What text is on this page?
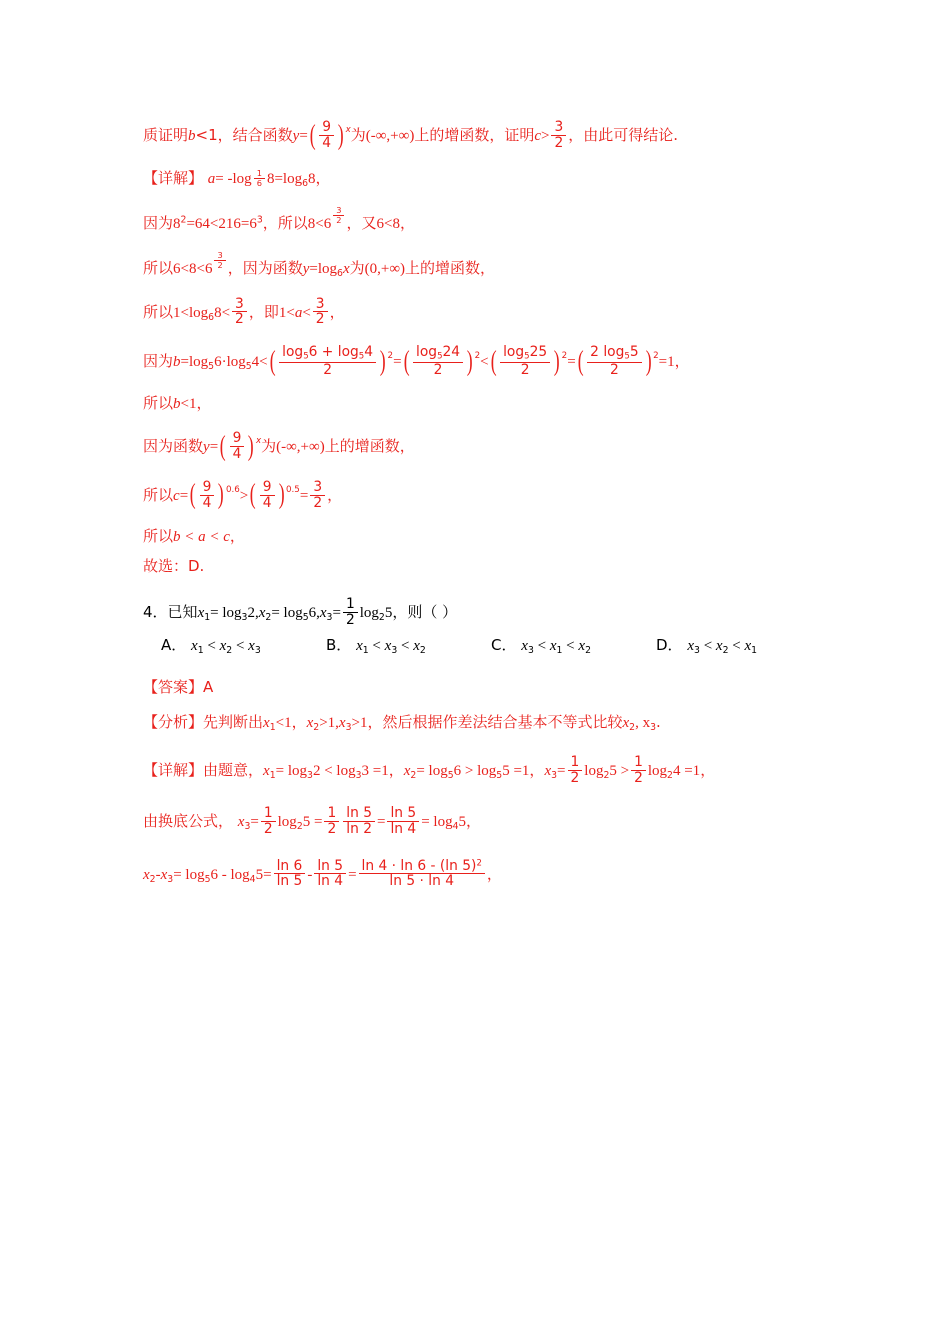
质证明b<1，结合函数$y=( \frac{9}{4}$ ) $^x$为(-∞,+∞)上的增函数，证明$c> \frac{3}{2}$ ，由此可得结论.
【详解】 $a= -\log \frac{1}{6} 8=\log_68$，
因为$8^2=64<216=6^3$，所以$8<6 \frac{3}{2}$ ，又6<8，
所以$6<8<6 \frac{3}{2}$ ，因为函数$y=\log_6x$为(0,+∞)上的增函数，
所以$1<\log_68< \frac{3}{2}$ ，即$1<a< \frac{3}{2}$ ，
因为$b=\log_56\cdot\log_54<( \frac{\log_56 + \log_54}{2}$ ) $^2=( \frac{\log_524}{2}$ ) $^2<( \frac{\log_525}{2}$ ) $^2=( \frac{2 \log_55}{2}$ ) $^2$=1，
所以b<1，
因为函数$y=( \frac{9}{4}$ ) $^x$为(-∞,+∞)上的增函数，
所以$c=( \frac{9}{4}$ ) $^{0.6}>( \frac{9}{4}$ ) $^{0.5}= \frac{3}{2}$ ，
所以b < a < c，
故选：D.
4．已知$x_1= \log_32,x_2= \log_56,x_3= \frac{1}{2} \log_25$，则（ ）
A． $x_1 < x_2 < x_3$	B． $x_1 < x_3 < x_2$	C． $x_3 < x_1 < x_2$	D． $x_3 < x_2 < x_1$
【答案】A
【分析】先判断出$x_1<1$，$x_2>1,x_3>1$，然后根据作差法结合基本不等式比较$x_2$, $x_3$.
【详解】由题意，$x_1= \log_32 < \log_33 =1$，$x_2= \log_56 > \log_55 =1$，$x_3= \frac{1}{2} \log_25 > \frac{1}{2} \log_24 =1$，
由换底公式， $x_3= \frac{1}{2} \log_25 = \frac{1}{2} \frac{\ln 5}{\ln 2} = \frac{\ln 5}{\ln 4} = \log_45$，
$x_2-x_3= \log_56 - \log_45= \frac{\ln 6}{\ln 5} - \frac{\ln 5}{\ln 4} = \frac{\ln 4 \cdot \ln 6 - (\ln 5)^2}{\ln 5 \cdot \ln 4}$ ，
